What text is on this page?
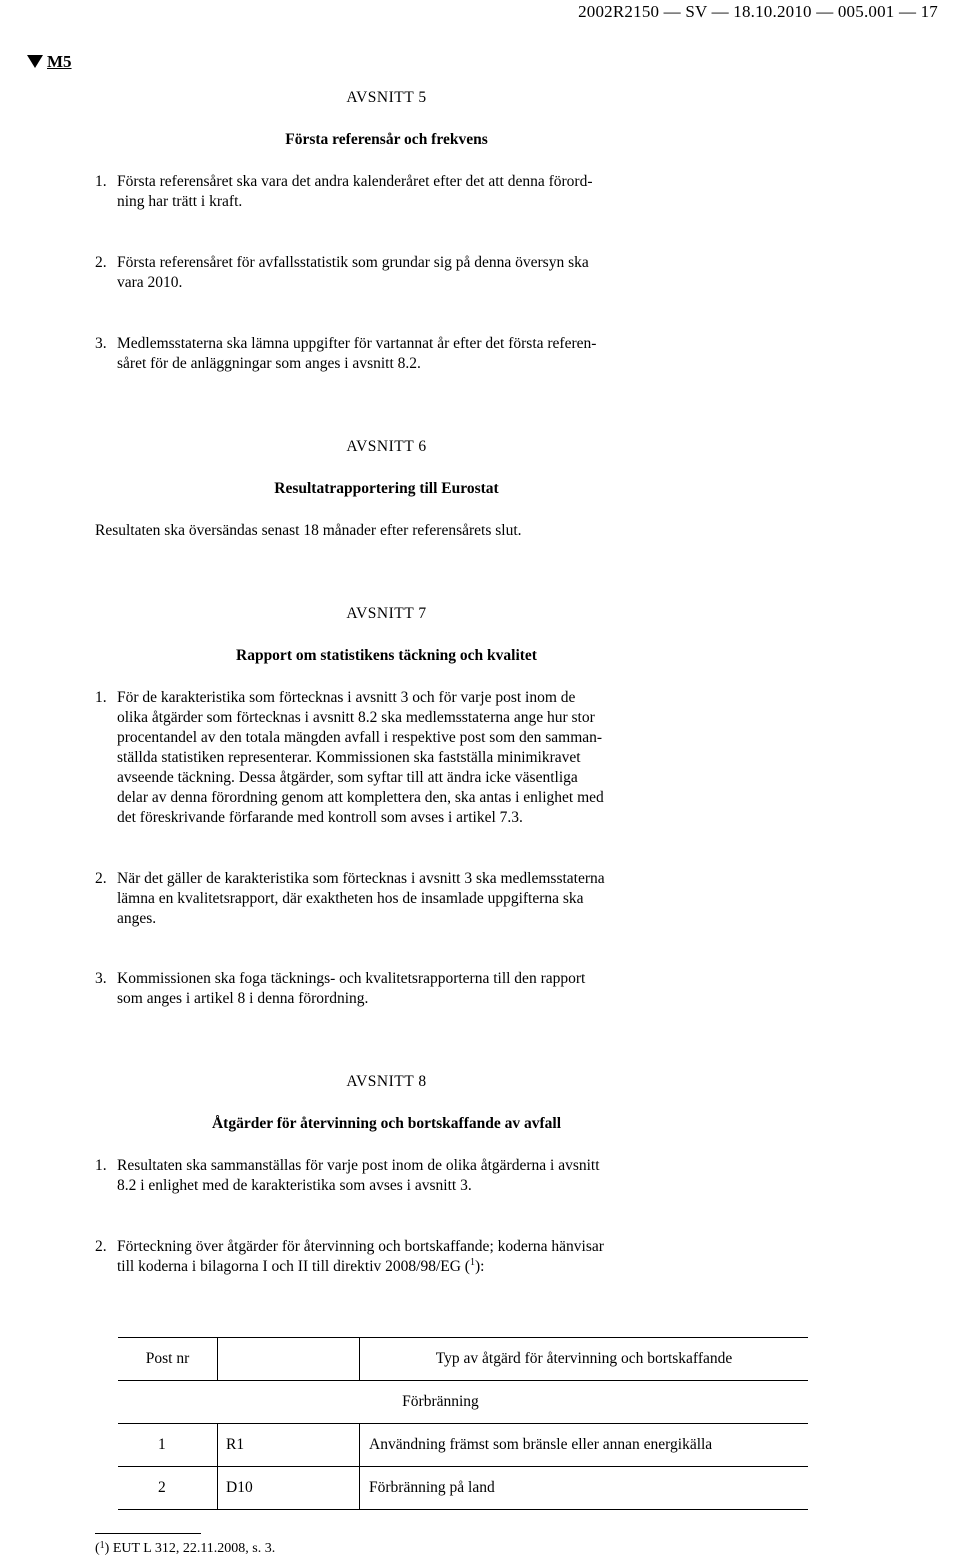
2002R2150 — SV — 18.10.2010 — 005.001 — 17
M5
AVSNITT 5
Första referensår och frekvens
1. Första referensåret ska vara det andra kalenderåret efter det att denna förord-
ning har trätt i kraft.
2. Första referensåret för avfallsstatistik som grundar sig på denna översyn ska
vara 2010.
3. Medlemsstaterna ska lämna uppgifter för vartannat år efter det första referen-
såret för de anläggningar som anges i avsnitt 8.2.
AVSNITT 6
Resultatrapportering till Eurostat
Resultaten ska översändas senast 18 månader efter referensårets slut.
AVSNITT 7
Rapport om statistikens täckning och kvalitet
1. För de karakteristika som förtecknas i avsnitt 3 och för varje post inom de
olika åtgärder som förtecknas i avsnitt 8.2 ska medlemsstaterna ange hur stor
procentandel av den totala mängden avfall i respektive post som den samman-
ställda statistiken representerar. Kommissionen ska fastställa minimikravet
avseende täckning. Dessa åtgärder, som syftar till att ändra icke väsentliga
delar av denna förordning genom att komplettera den, ska antas i enlighet med
det föreskrivande förfarande med kontroll som avses i artikel 7.3.
2. När det gäller de karakteristika som förtecknas i avsnitt 3 ska medlemsstaterna
lämna en kvalitetsrapport, där exaktheten hos de insamlade uppgifterna ska
anges.
3. Kommissionen ska foga täcknings- och kvalitetsrapporterna till den rapport
som anges i artikel 8 i denna förordning.
AVSNITT 8
Åtgärder för återvinning och bortskaffande av avfall
1. Resultaten ska sammanställas för varje post inom de olika åtgärderna i avsnitt
8.2 i enlighet med de karakteristika som avses i avsnitt 3.
2. Förteckning över åtgärder för återvinning och bortskaffande; koderna hänvisar
till koderna i bilagorna I och II till direktiv 2008/98/EG ($^1$):
Post nr		Typ av åtgärd för återvinning och bortskaffande
Förbränning		
1	R1	Användning främst som bränsle eller annan energikälla
2	D10	Förbränning på land
($^1$) EUT L 312, 22.11.2008, s. 3.
